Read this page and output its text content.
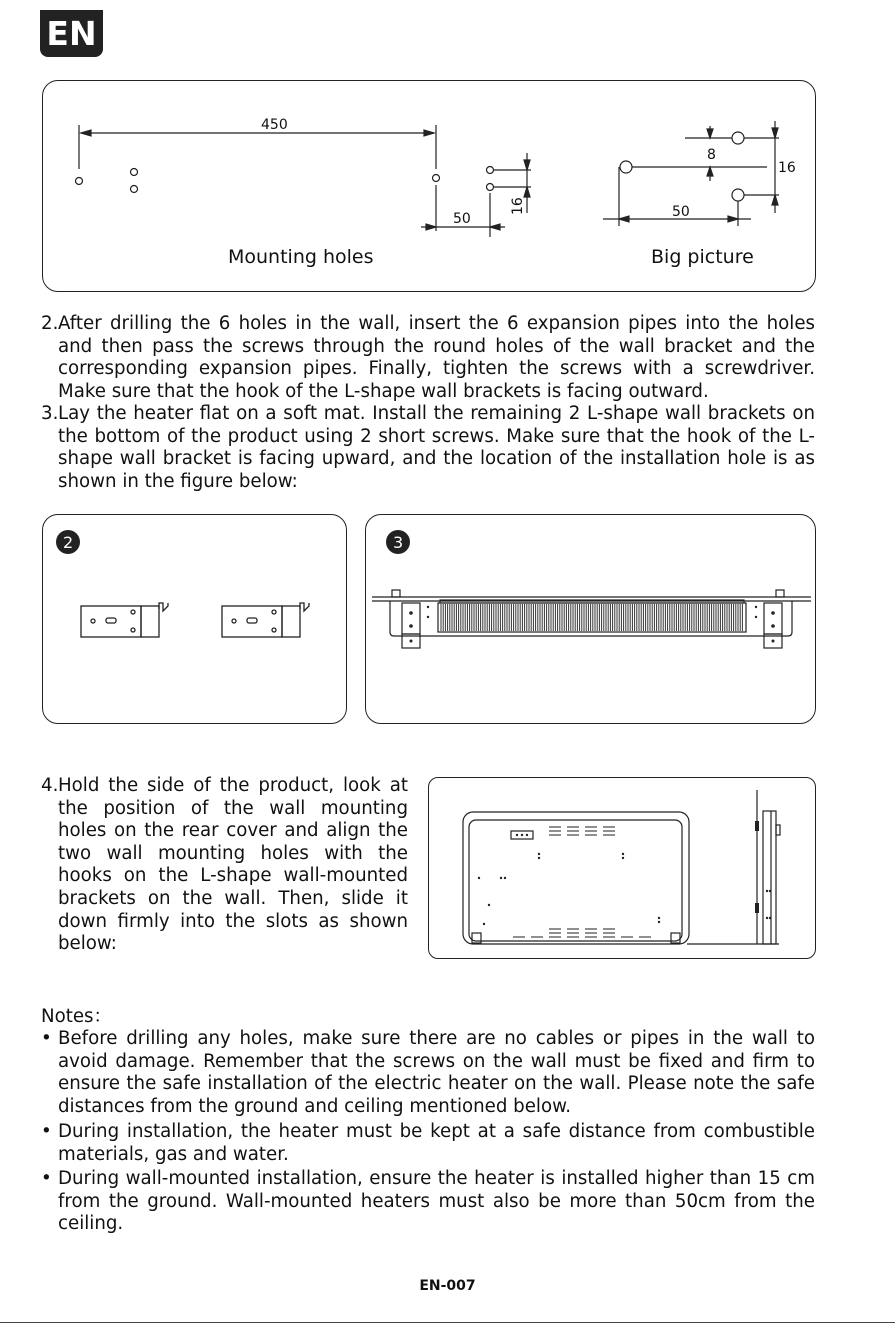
EN
450
50
16
16
8
50
Mounting holes	Big picture
2. After drilling the 6 holes in the wall, insert the 6 expansion pipes into the holes and then pass the screws through the round holes of the wall bracket and the corresponding expansion pipes. Finally, tighten the screws with a screwdriver. Make sure that the hook of the L-shape wall brackets is facing outward.
3. Lay the heater flat on a soft mat. Install the remaining 2 L-shape wall brackets on the bottom of the product using 2 short screws. Make sure that the hook of the L-shape wall bracket is facing upward, and the location of the installation hole is as shown in the figure below:
2	3
4. Hold the side of the product, look at the position of the wall mounting holes on the rear cover and align the two wall mounting holes with the hooks on the L-shape wall-mounted brackets on the wall. Then, slide it down firmly into the slots as shown below:
Notes：
• Before drilling any holes, make sure there are no cables or pipes in the wall to avoid damage. Remember that the screws on the wall must be fixed and firm to ensure the safe installation of the electric heater on the wall. Please note the safe distances from the ground and ceiling mentioned below.
• During installation, the heater must be kept at a safe distance from combustible materials, gas and water.
• During wall-mounted installation, ensure the heater is installed higher than 15 cm from the ground. Wall-mounted heaters must also be more than 50cm from the ceiling.
EN-007
